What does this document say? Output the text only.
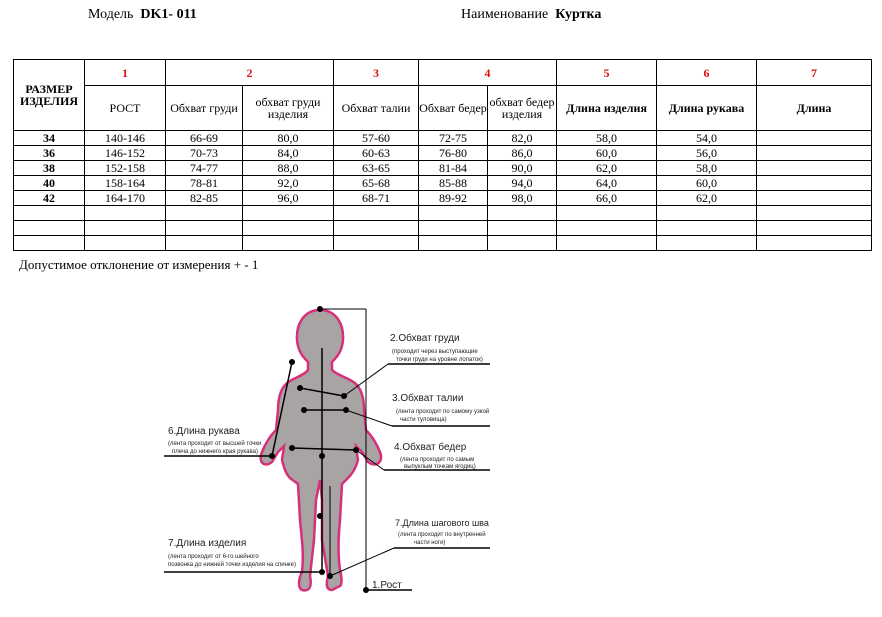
Модель DK1- 011	Наименование Куртка
РАЗМЕР ИЗДЕЛИЯ	1	2		3	4		5	6	7
	РОСТ	Обхват груди	обхват груди изделия	Обхват талии	Обхват бедер	обхват бедер изделия	Длина изделия	Длина рукава	Длина
34	140-146	66-69	80,0	57-60	72-75	82,0	58,0	54,0	
36	146-152	70-73	84,0	60-63	76-80	86,0	60,0	56,0	
38	152-158	74-77	88,0	63-65	81-84	90,0	62,0	58,0	
40	158-164	78-81	92,0	65-68	85-88	94,0	64,0	60,0	
42	164-170	82-85	96,0	68-71	89-92	98,0	66,0	62,0	

Допустимое отклонение от измерения + - 1
2.Обхват груди
(проходит через выступающие
точки груди на уровне лопаток)
3.Обхват талии
(лента проходит по самому узкой
части туловища)
4.Обхват бедер
(лента проходит по самым
выпуклым точкам ягодиц)
6.Длина рукава
(лента проходит от высшей точки
плеча до нижнего края рукава)
7.Длина шагового шва
(лента проходит по внутренней
части ноги)
7.Длина изделия
(лента проходит от 6-го шейного
позвонка до нижней точки изделия на спинке)
1.Рост
